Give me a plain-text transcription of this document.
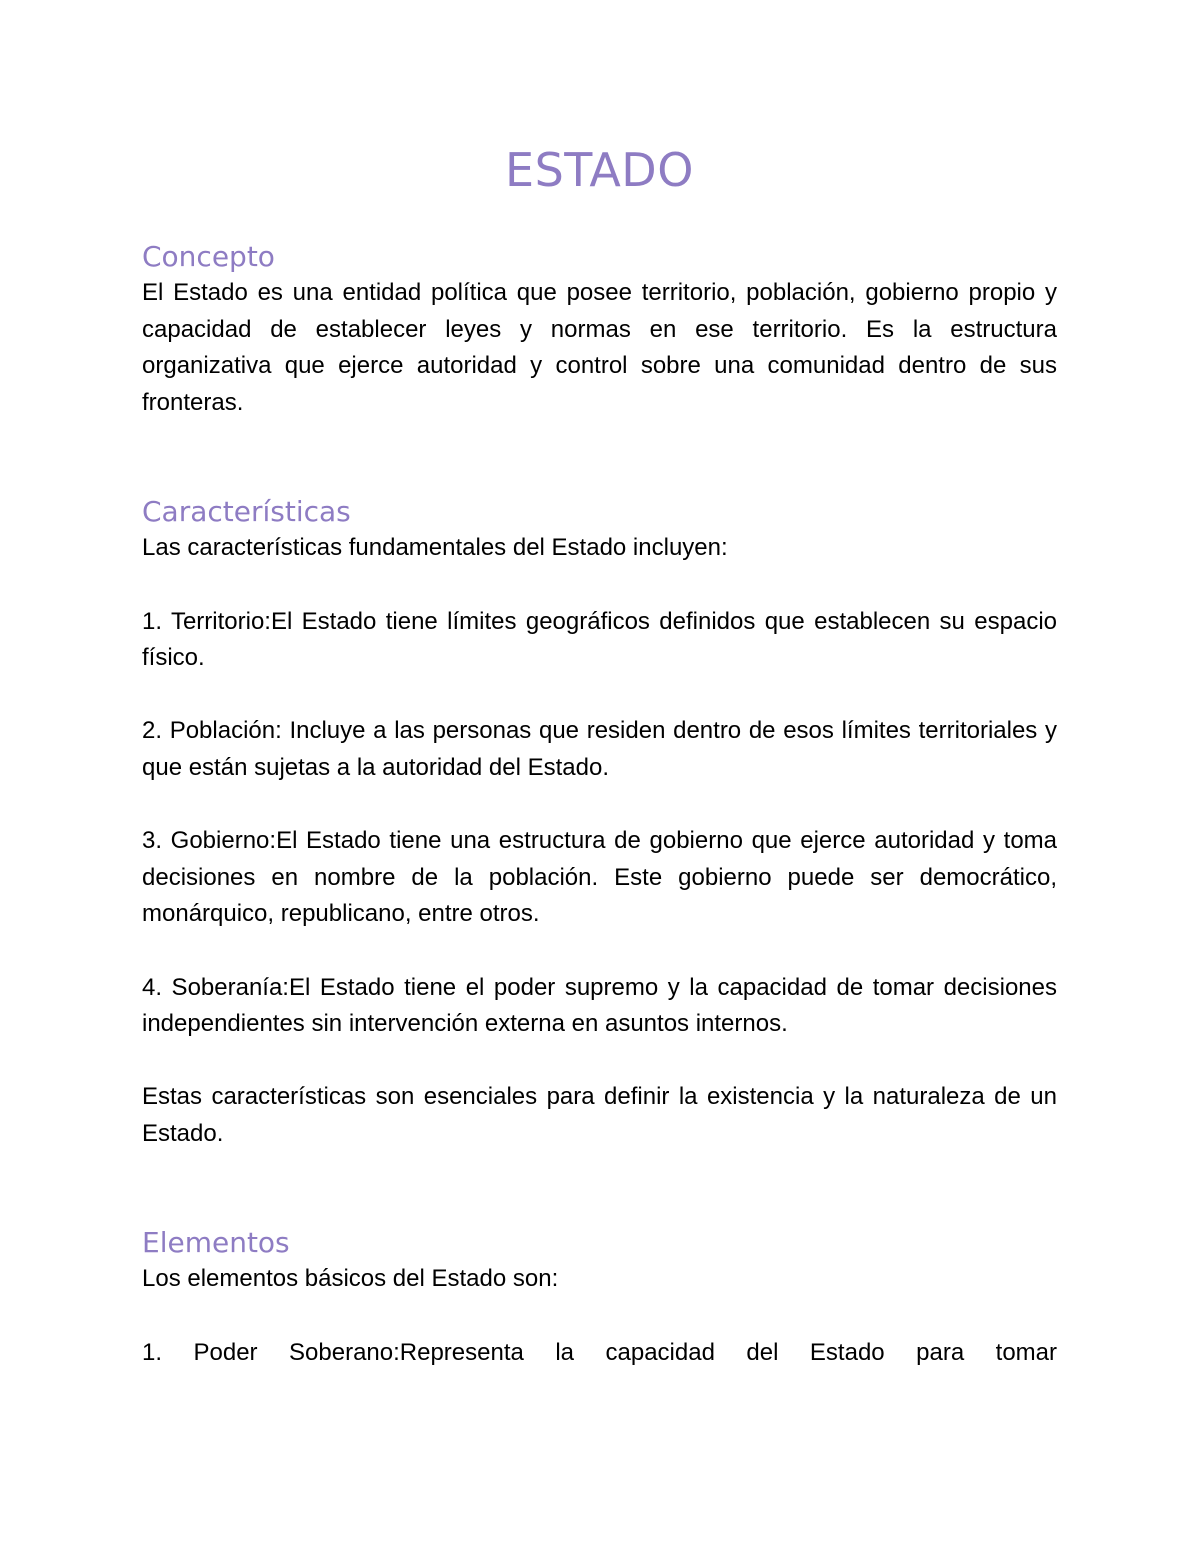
ESTADO
Concepto

El Estado es una entidad política que posee territorio, población, gobierno propio y capacidad de establecer leyes y normas en ese territorio. Es la estructura organizativa que ejerce autoridad y control sobre una comunidad dentro de sus fronteras.

Características

Las características fundamentales del Estado incluyen:

1. Territorio:El Estado tiene límites geográficos definidos que establecen su espacio físico.

2. Población: Incluye a las personas que residen dentro de esos límites territoriales y que están sujetas a la autoridad del Estado.

3. Gobierno:El Estado tiene una estructura de gobierno que ejerce autoridad y toma decisiones en nombre de la población. Este gobierno puede ser democrático, monárquico, republicano, entre otros.

4. Soberanía:El Estado tiene el poder supremo y la capacidad de tomar decisiones independientes sin intervención externa en asuntos internos.

Estas características son esenciales para definir la existencia y la naturaleza de un Estado.

Elementos

Los elementos básicos del Estado son:

1. Poder Soberano:Representa la capacidad del Estado para tomar
